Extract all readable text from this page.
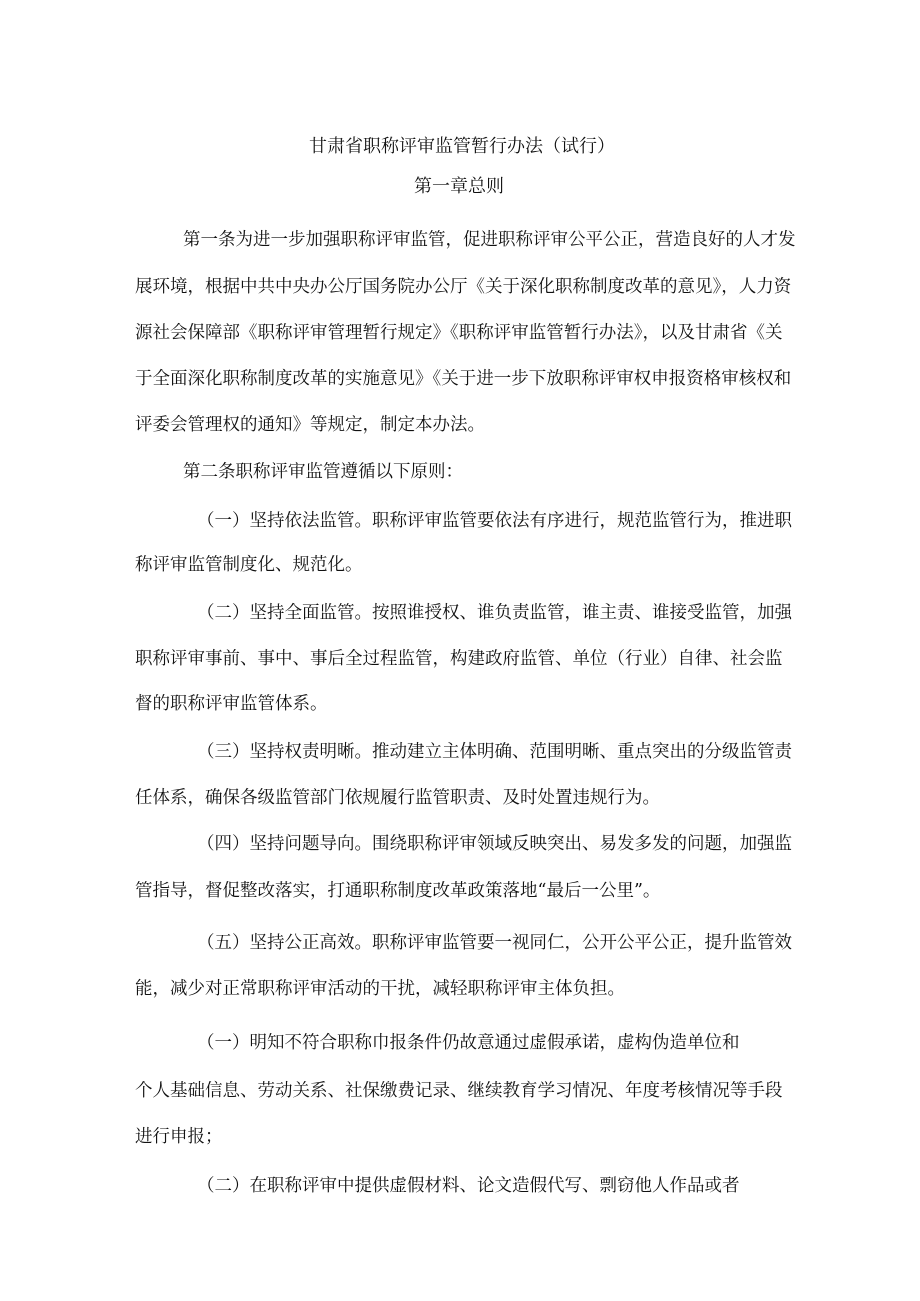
甘肃省职称评审监管暂行办法（试行）
第一章总则
第一条为进一步加强职称评审监管，促进职称评审公平公正，营造良好的人才发
展环境，根据中共中央办公厅国务院办公厅《关于深化职称制度改革的意见》，人力资
源社会保障部《职称评审管理暂行规定》《职称评审监管暂行办法》，以及甘肃省《关
于全面深化职称制度改革的实施意见》《关于进一步下放职称评审权申报资格审核权和
评委会管理权的通知》等规定，制定本办法。
第二条职称评审监管遵循以下原则：
（一）坚持依法监管。职称评审监管要依法有序进行，规范监管行为，推进职
称评审监管制度化、规范化。
（二）坚持全面监管。按照谁授权、谁负责监管，谁主责、谁接受监管，加强
职称评审事前、事中、事后全过程监管，构建政府监管、单位（行业）自律、社会监
督的职称评审监管体系。
（三）坚持权责明晰。推动建立主体明确、范围明晰、重点突出的分级监管责
任体系，确保各级监管部门依规履行监管职责、及时处置违规行为。
（四）坚持问题导向。围绕职称评审领域反映突出、易发多发的问题，加强监
管指导，督促整改落实，打通职称制度改革政策落地“最后一公里”。
（五）坚持公正高效。职称评审监管要一视同仁，公开公平公正，提升监管效
能，减少对正常职称评审活动的干扰，减轻职称评审主体负担。
（一）明知不符合职称巾报条件仍故意通过虚假承诺，虚构伪造单位和
个人基础信息、劳动关系、社保缴费记录、继续教育学习情况、年度考核情况等手段
进行申报；
（二）在职称评审中提供虚假材料、论文造假代写、剽窃他人作品或者
